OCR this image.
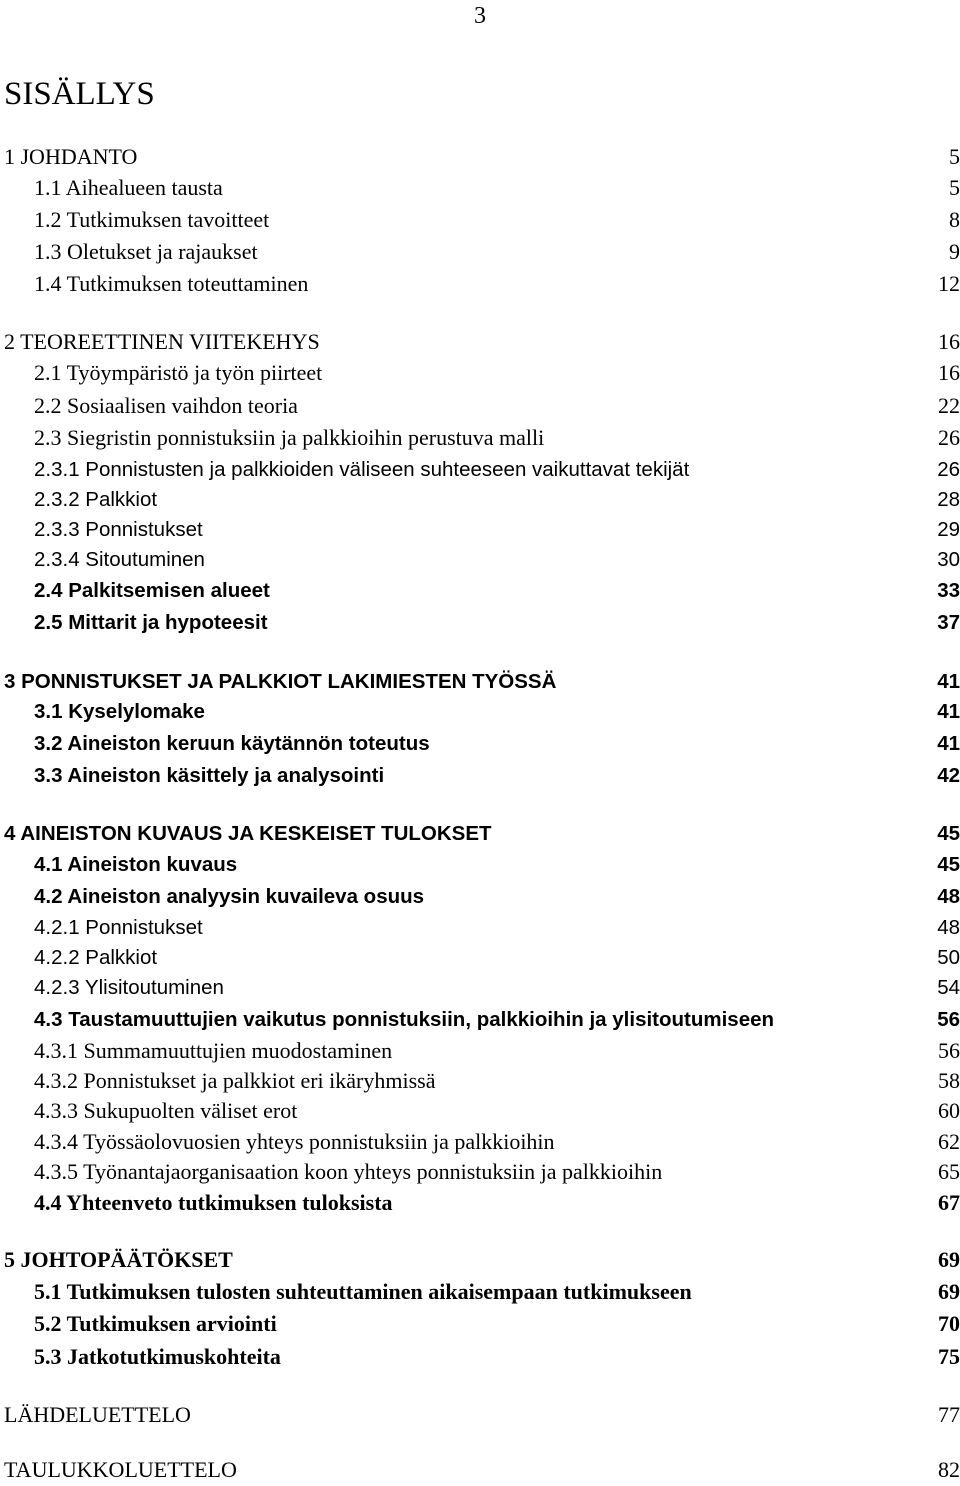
3
SISÄLLYS
1 JOHDANTO	5
1.1 Aihealueen tausta	5
1.2 Tutkimuksen tavoitteet	8
1.3 Oletukset ja rajaukset	9
1.4 Tutkimuksen toteuttaminen	12
2 TEOREETTINEN VIITEKEHYS	16
2.1 Työympäristö ja työn piirteet	16
2.2 Sosiaalisen vaihdon teoria	22
2.3 Siegristin ponnistuksiin ja palkkioihin perustuva malli	26
2.3.1 Ponnistusten ja palkkioiden väliseen suhteeseen vaikuttavat tekijät	26
2.3.2 Palkkiot	28
2.3.3 Ponnistukset	29
2.3.4 Sitoutuminen	30
2.4 Palkitsemisen alueet	33
2.5 Mittarit ja hypoteesit	37
3 PONNISTUKSET JA PALKKIOT LAKIMIESTEN TYÖSSÄ	41
3.1 Kyselylomake	41
3.2 Aineiston keruun käytännön toteutus	41
3.3 Aineiston käsittely ja analysointi	42
4 AINEISTON KUVAUS JA KESKEISET TULOKSET	45
4.1 Aineiston kuvaus	45
4.2 Aineiston analyysin kuvaileva osuus	48
4.2.1 Ponnistukset	48
4.2.2 Palkkiot	50
4.2.3 Ylisitoutuminen	54
4.3 Taustamuuttujien vaikutus ponnistuksiin, palkkioihin ja ylisitoutumiseen	56
4.3.1 Summamuuttujien muodostaminen	56
4.3.2 Ponnistukset ja palkkiot eri ikäryhmissä	58
4.3.3 Sukupuolten väliset erot	60
4.3.4 Työssäolovuosien yhteys ponnistuksiin ja palkkioihin	62
4.3.5 Työnantajaorganisaation koon yhteys ponnistuksiin ja palkkioihin	65
4.4 Yhteenveto tutkimuksen tuloksista	67
5 JOHTOPÄÄTÖKSET	69
5.1 Tutkimuksen tulosten suhteuttaminen aikaisempaan tutkimukseen	69
5.2 Tutkimuksen arviointi	70
5.3 Jatkotutkimuskohteita	75
LÄHDELUETTELO	77
TAULUKKOLUETTELO	82
